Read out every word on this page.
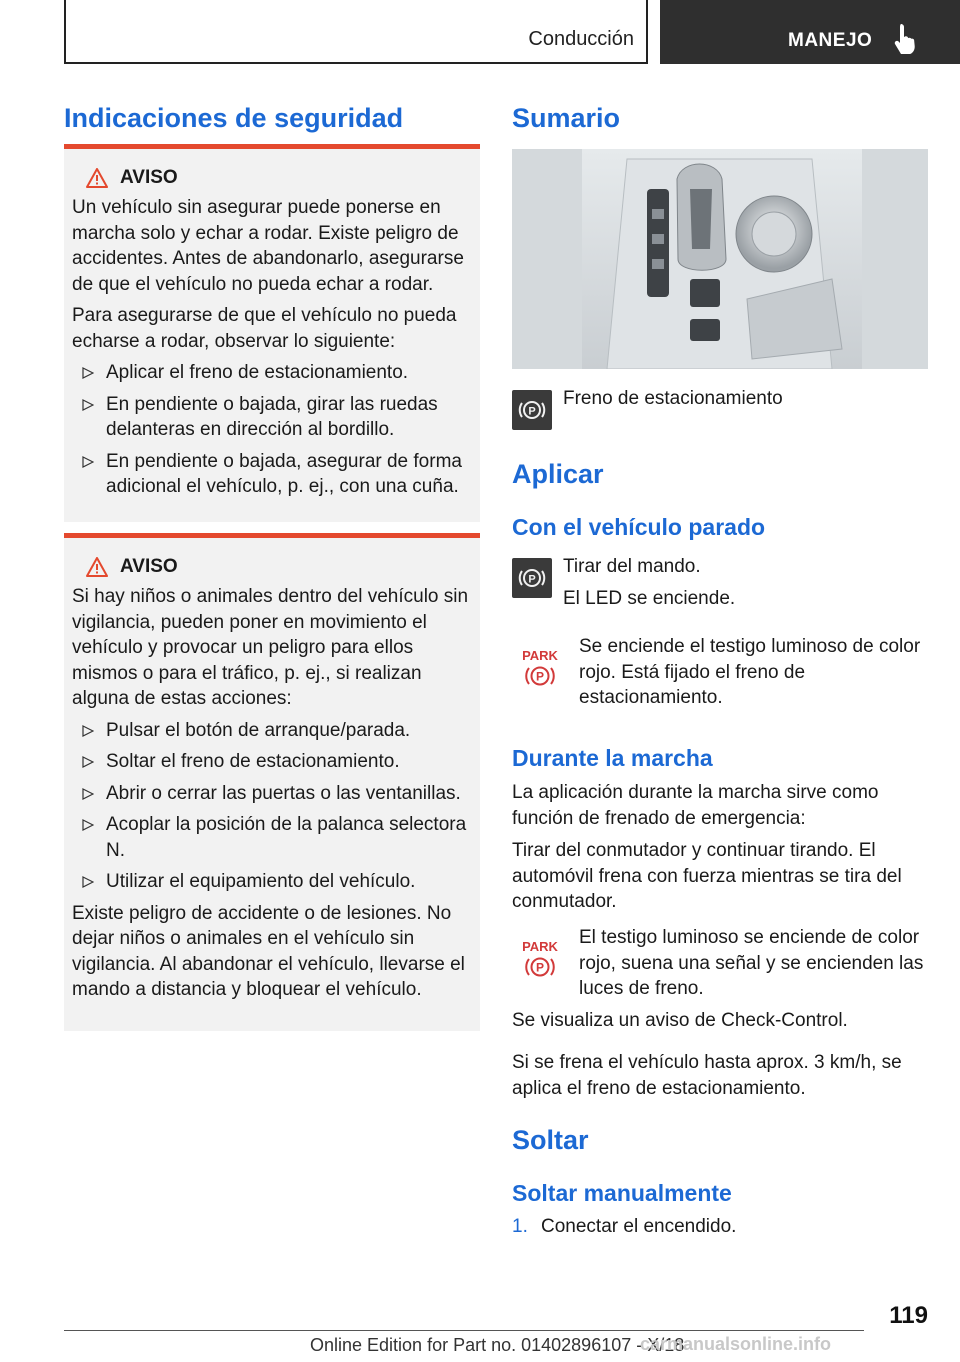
Conducción	MANEJO
Indicaciones de seguridad
AVISO

Un vehículo sin asegurar puede ponerse en marcha solo y echar a rodar. Existe peligro de accidentes. Antes de abandonarlo, asegurarse de que el vehículo no pueda echar a rodar.

Para asegurarse de que el vehículo no pueda echarse a rodar, observar lo siguiente:

Aplicar el freno de estacionamiento.
En pendiente o bajada, girar las ruedas delanteras en dirección al bordillo.
En pendiente o bajada, asegurar de forma adicional el vehículo, p. ej., con una cuña.
AVISO

Si hay niños o animales dentro del vehículo sin vigilancia, pueden poner en movimiento el vehículo y provocar un peligro para ellos mismos o para el tráfico, p. ej., si realizan alguna de estas acciones:

Pulsar el botón de arranque/parada.
Soltar el freno de estacionamiento.
Abrir o cerrar las puertas o las ventanillas.
Acoplar la posición de la palanca selectora N.
Utilizar el equipamiento del vehículo.

Existe peligro de accidente o de lesiones. No dejar niños o animales en el vehículo sin vigilancia. Al abandonar el vehículo, llevarse el mando a distancia y bloquear el vehículo.

Sumario
P
Freno de estacionamiento
Aplicar
Con el vehículo parado
P
Tirar del mando.
El LED se enciende.
PARK
P
Se enciende el testigo luminoso de color rojo. Está fijado el freno de estacionamiento.
Durante la marcha
La aplicación durante la marcha sirve como función de frenado de emergencia:
Tirar del conmutador y continuar tirando. El automóvil frena con fuerza mientras se tira del conmutador.
PARK
P
El testigo luminoso se enciende de color rojo, suena una señal y se encienden las luces de freno.
Se visualiza un aviso de Check-Control.
Si se frena el vehículo hasta aprox. 3 km/h, se aplica el freno de estacionamiento.
Soltar
Soltar manualmente
1. Conectar el encendido.
119
Online Edition for Part no. 01402896107 - X/18
carmanualsonline.info
